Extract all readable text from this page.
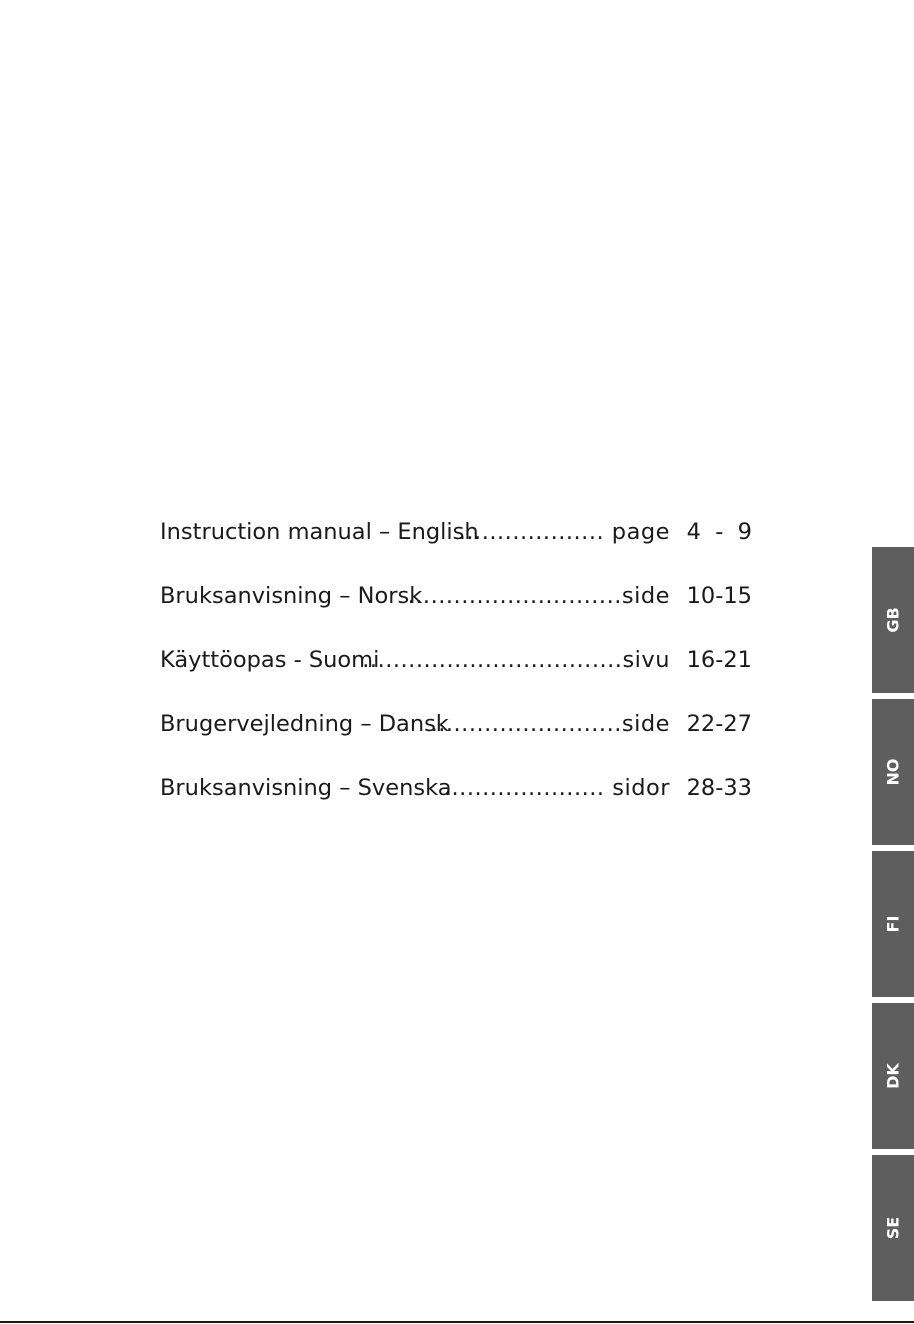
Instruction manual – English
................... page 4  -  9
Bruksanvisning – Norsk
............................side 10-15
Käyttöopas - Suomi
..................................sivu 16-21
Brugervejledning – Dansk
.........................side 22-27
Bruksanvisning – Svenska
..................... sidor 28-33
GB
NO
FI
DK
SE
